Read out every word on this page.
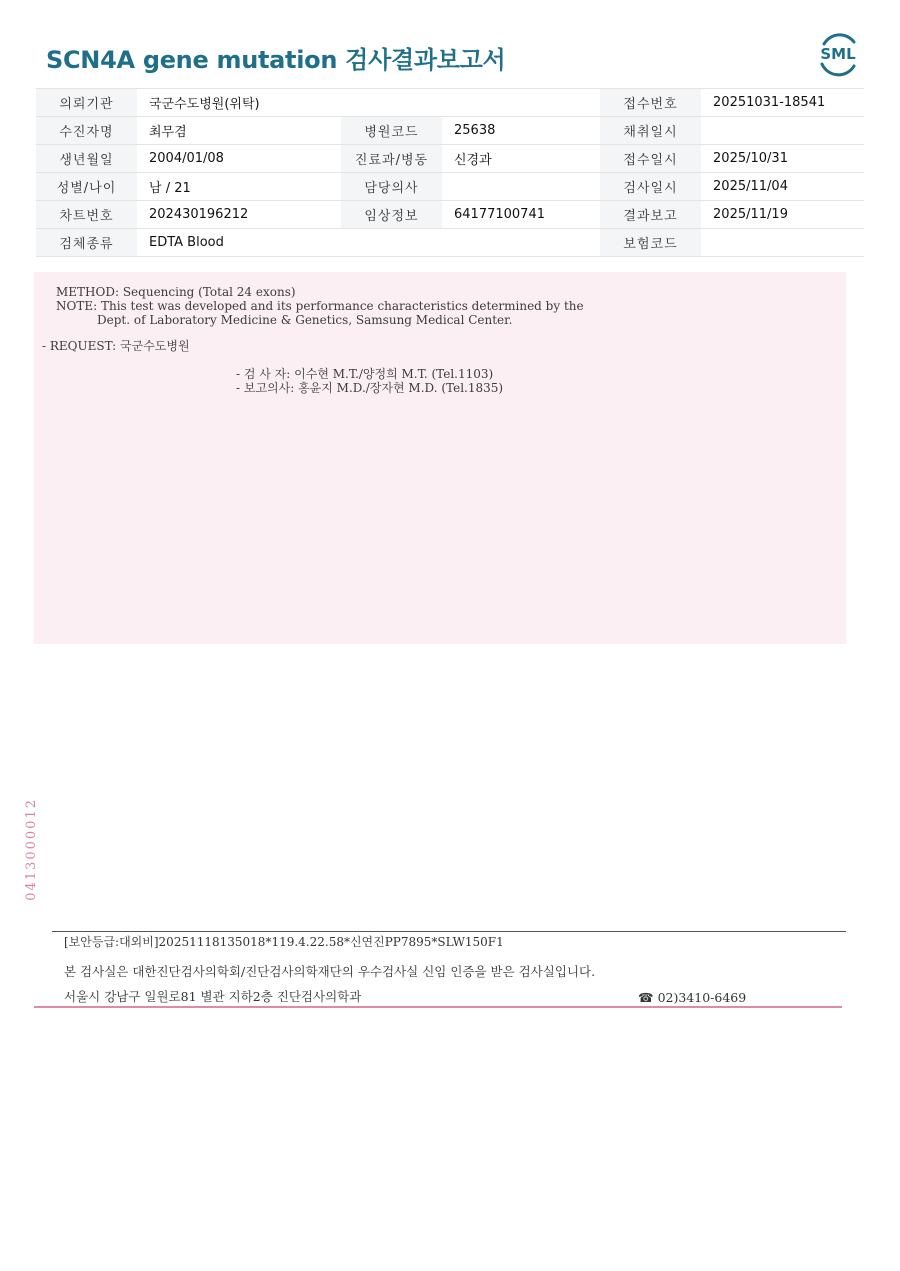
SCN4A gene mutation 검사결과보고서	SML
의뢰기관	국군수도병원(위탁)			접수번호	20251031-18541
수진자명	최무겸	병원코드	25638	채취일시	
생년월일	2004/01/08	진료과/병동	신경과	접수일시	2025/10/31
성별/나이	남 / 21	담당의사		검사일시	2025/11/04
차트번호	202430196212	임상정보	64177100741	결과보고	2025/11/19
검체종류	EDTA Blood			보험코드	
METHOD: Sequencing (Total 24 exons)
NOTE: This test was developed and its performance characteristics determined by the
Dept. of Laboratory Medicine & Genetics, Samsung Medical Center.
- REQUEST: 국군수도병원
- 검 사 자: 이수현 M.T./양정희 M.T. (Tel.1103)
- 보고의사: 홍윤지 M.D./장자현 M.D. (Tel.1835)
0413000012
[보안등급:대외비]20251118135018*119.4.22.58*신연진PP7895*SLW150F1
본 검사실은 대한진단검사의학회/진단검사의학재단의 우수검사실 신임 인증을 받은 검사실입니다.
서울시 강남구 일원로81 별관 지하2층 진단검사의학과	☎ 02)3410-6469
